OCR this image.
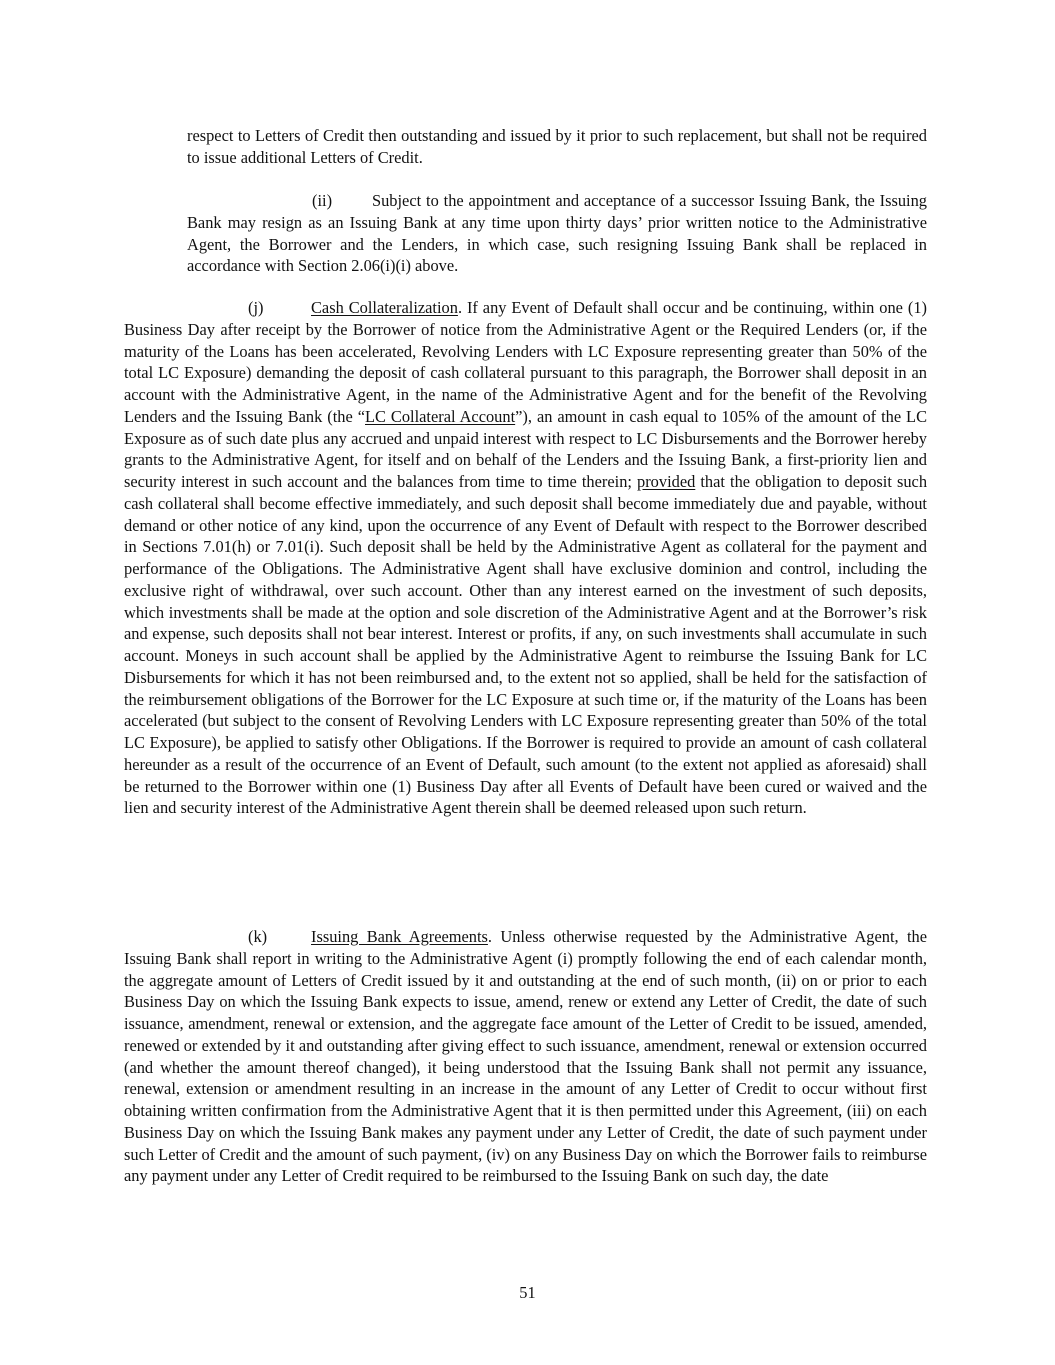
respect to Letters of Credit then outstanding and issued by it prior to such replacement, but shall not be required to issue additional Letters of Credit.

(ii) Subject to the appointment and acceptance of a successor Issuing Bank, the Issuing Bank may resign as an Issuing Bank at any time upon thirty days’ prior written notice to the Administrative Agent, the Borrower and the Lenders, in which case, such resigning Issuing Bank shall be replaced in accordance with Section 2.06(i)(i) above.

(j)	Cash Collateralization. If any Event of Default shall occur and be continuing, within one (1) Business Day after receipt by the Borrower of notice from the Administrative Agent or the Required Lenders (or, if the maturity of the Loans has been accelerated, Revolving Lenders with LC Exposure representing greater than 50% of the total LC Exposure) demanding the deposit of cash collateral pursuant to this paragraph, the Borrower shall deposit in an account with the Administrative Agent, in the name of the Administrative Agent and for the benefit of the Revolving Lenders and the Issuing Bank (the “LC Collateral Account”), an amount in cash equal to 105% of the amount of the LC Exposure as of such date plus any accrued and unpaid interest with respect to LC Disbursements and the Borrower hereby grants to the Administrative Agent, for itself and on behalf of the Lenders and the Issuing Bank, a first-priority lien and security interest in such account and the balances from time to time therein; provided that the obligation to deposit such cash collateral shall become effective immediately, and such deposit shall become immediately due and payable, without demand or other notice of any kind, upon the occurrence of any Event of Default with respect to the Borrower described in Sections 7.01(h) or 7.01(i). Such deposit shall be held by the Administrative Agent as collateral for the payment and performance of the Obligations. The Administrative Agent shall have exclusive dominion and control, including the exclusive right of withdrawal, over such account. Other than any interest earned on the investment of such deposits, which investments shall be made at the option and sole discretion of the Administrative Agent and at the Borrower’s risk and expense, such deposits shall not bear interest. Interest or profits, if any, on such investments shall accumulate in such account. Moneys in such account shall be applied by the Administrative Agent to reimburse the Issuing Bank for LC Disbursements for which it has not been reimbursed and, to the extent not so applied, shall be held for the satisfaction of the reimbursement obligations of the Borrower for the LC Exposure at such time or, if the maturity of the Loans has been accelerated (but subject to the consent of Revolving Lenders with LC Exposure representing greater than 50% of the total LC Exposure), be applied to satisfy other Obligations. If the Borrower is required to provide an amount of cash collateral hereunder as a result of the occurrence of an Event of Default, such amount (to the extent not applied as aforesaid) shall be returned to the Borrower within one (1) Business Day after all Events of Default have been cured or waived and the lien and security interest of the Administrative Agent therein shall be deemed released upon such return.

(k)	Issuing Bank Agreements. Unless otherwise requested by the Administrative Agent, the Issuing Bank shall report in writing to the Administrative Agent (i) promptly following the end of each calendar month, the aggregate amount of Letters of Credit issued by it and outstanding at the end of such month, (ii) on or prior to each Business Day on which the Issuing Bank expects to issue, amend, renew or extend any Letter of Credit, the date of such issuance, amendment, renewal or extension, and the aggregate face amount of the Letter of Credit to be issued, amended, renewed or extended by it and outstanding after giving effect to such issuance, amendment, renewal or extension occurred (and whether the amount thereof changed), it being understood that the Issuing Bank shall not permit any issuance, renewal, extension or amendment resulting in an increase in the amount of any Letter of Credit to occur without first obtaining written confirmation from the Administrative Agent that it is then permitted under this Agreement, (iii) on each Business Day on which the Issuing Bank makes any payment under any Letter of Credit, the date of such payment under such Letter of Credit and the amount of such payment, (iv) on any Business Day on which the Borrower fails to reimburse any payment under any Letter of Credit required to be reimbursed to the Issuing Bank on such day, the date

51
